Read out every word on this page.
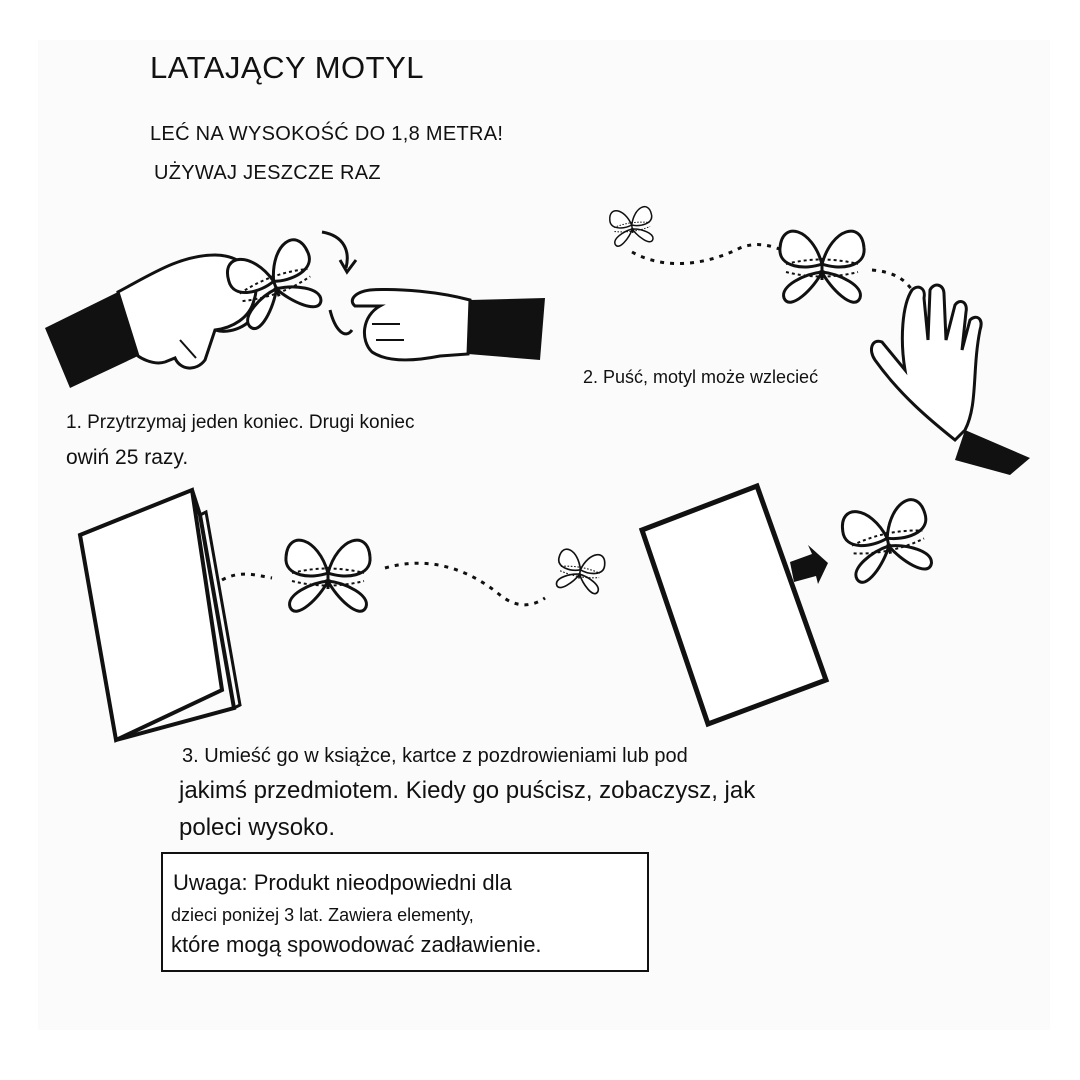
LATAJĄCY MOTYL
LEĆ NA WYSOKOŚĆ DO 1,8 METRA!
UŻYWAJ JESZCZE RAZ
1. Przytrzymaj jeden koniec. Drugi koniec
owiń 25 razy.
2. Puść, motyl może wzlecieć
3. Umieść go w książce, kartce z pozdrowieniami lub pod
jakimś przedmiotem. Kiedy go puścisz, zobaczysz, jak
poleci wysoko.
Uwaga: Produkt nieodpowiedni dla
dzieci poniżej 3 lat. Zawiera elementy,
które mogą spowodować zadławienie.
